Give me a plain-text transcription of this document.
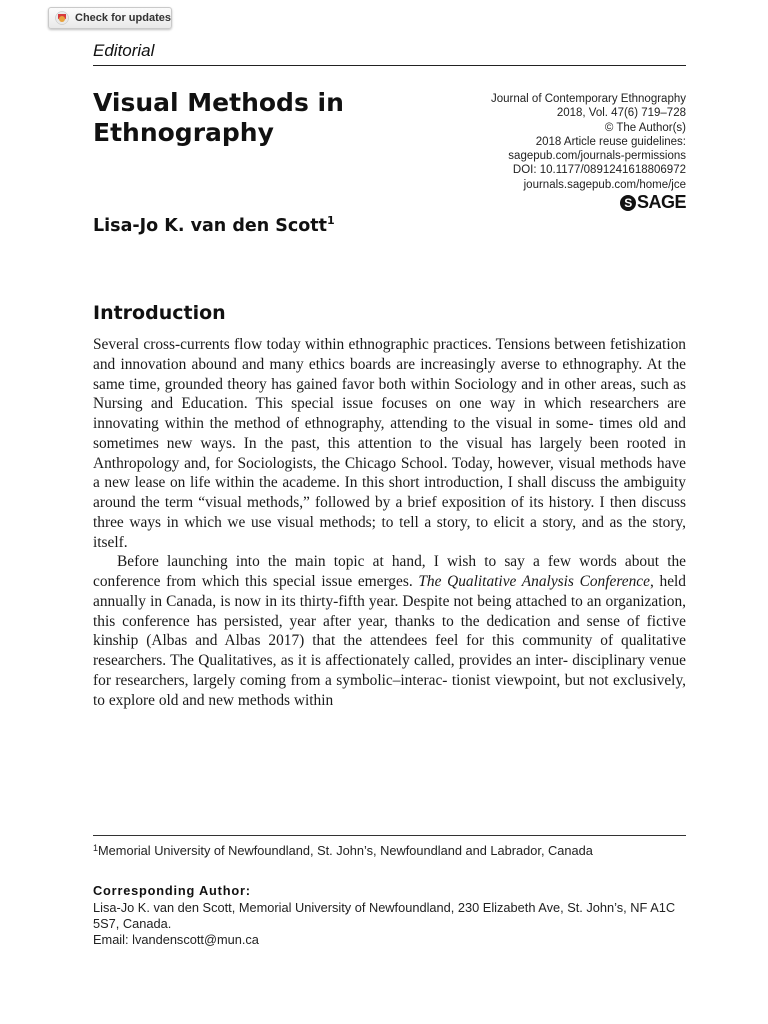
Check for updates
Editorial
Visual Methods in Ethnography
Journal of Contemporary Ethnography
2018, Vol. 47(6) 719–728
© The Author(s)
2018 Article reuse guidelines:
sagepub.com/journals-permissions
DOI: 10.1177/0891241618806972
journals.sagepub.com/home/jce
S SAGE
Lisa-Jo K. van den Scott$^1$
Introduction

Several cross-currents flow today within ethnographic practices. Tensions between fetishization and innovation abound and many ethics boards are increasingly averse to ethnography. At the same time, grounded theory has gained favor both within Sociology and in other areas, such as Nursing and Education. This special issue focuses on one way in which researchers are innovating within the method of ethnography, attending to the visual in some- times old and sometimes new ways. In the past, this attention to the visual has largely been rooted in Anthropology and, for Sociologists, the Chicago School. Today, however, visual methods have a new lease on life within the academe. In this short introduction, I shall discuss the ambiguity around the term “visual methods,” followed by a brief exposition of its history. I then discuss three ways in which we use visual methods; to tell a story, to elicit a story, and as the story, itself.

Before launching into the main topic at hand, I wish to say a few words about the conference from which this special issue emerges. The Qualitative Analysis Conference, held annually in Canada, is now in its thirty-fifth year. Despite not being attached to an organization, this conference has persisted, year after year, thanks to the dedication and sense of fictive kinship (Albas and Albas 2017) that the attendees feel for this community of qualitative researchers. The Qualitatives, as it is affectionately called, provides an inter- disciplinary venue for researchers, largely coming from a symbolic–interac- tionist viewpoint, but not exclusively, to explore old and new methods within

$^1$Memorial University of Newfoundland, St. John’s, Newfoundland and Labrador, Canada
Corresponding Author:
Lisa-Jo K. van den Scott, Memorial University of Newfoundland, 230 Elizabeth Ave, St. John’s, NF A1C 5S7, Canada.
Email: lvandenscott@mun.ca
